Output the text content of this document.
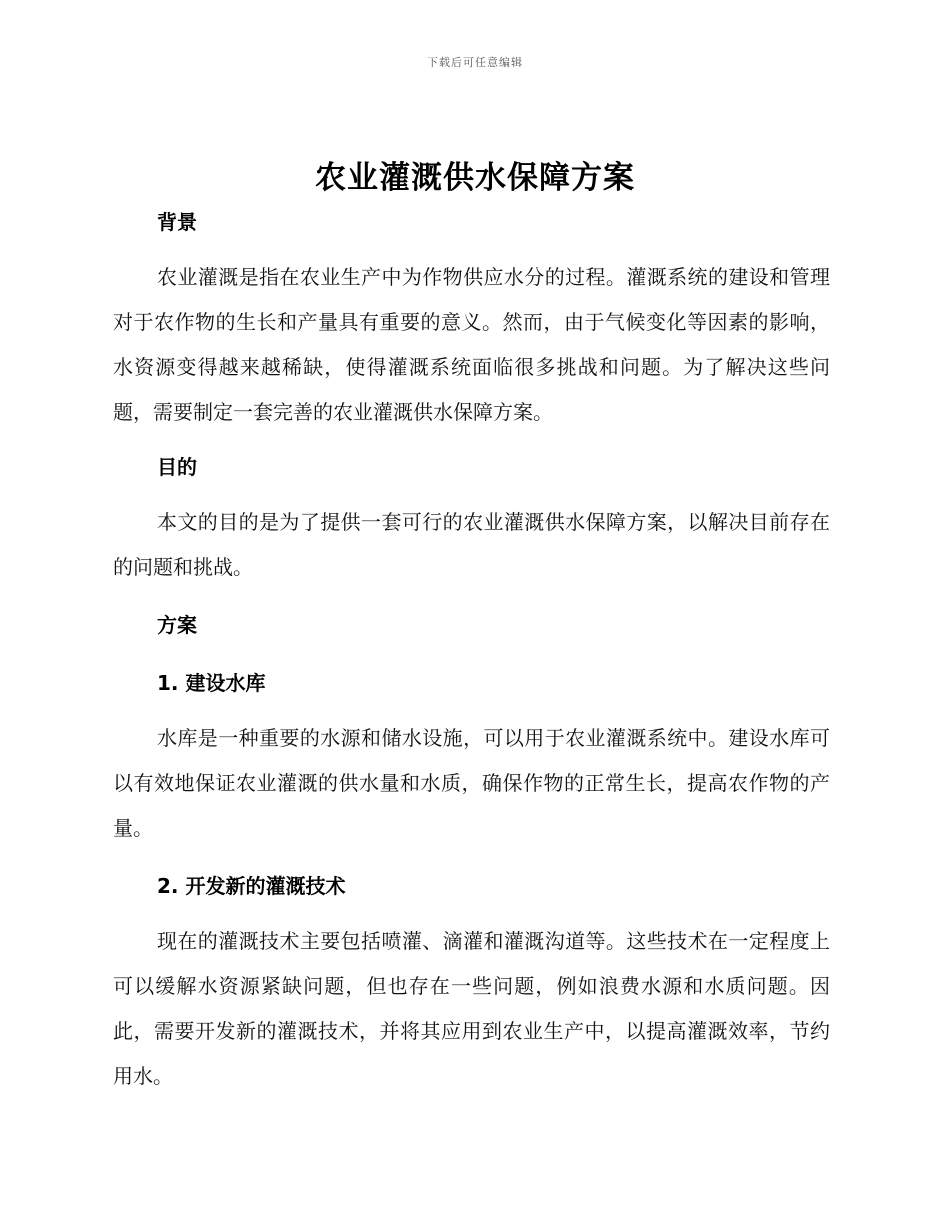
下载后可任意编辑
农业灌溉供水保障方案
背景

农业灌溉是指在农业生产中为作物供应水分的过程。灌溉系统的建设和管理对于农作物的生长和产量具有重要的意义。然而，由于气候变化等因素的影响，水资源变得越来越稀缺，使得灌溉系统面临很多挑战和问题。为了解决这些问题，需要制定一套完善的农业灌溉供水保障方案。

目的

本文的目的是为了提供一套可行的农业灌溉供水保障方案，以解决目前存在的问题和挑战。

方案
1. 建设水库

水库是一种重要的水源和储水设施，可以用于农业灌溉系统中。建设水库可以有效地保证农业灌溉的供水量和水质，确保作物的正常生长，提高农作物的产量。

2. 开发新的灌溉技术

现在的灌溉技术主要包括喷灌、滴灌和灌溉沟道等。这些技术在一定程度上可以缓解水资源紧缺问题，但也存在一些问题，例如浪费水源和水质问题。因此，需要开发新的灌溉技术，并将其应用到农业生产中，以提高灌溉效率，节约用水。
